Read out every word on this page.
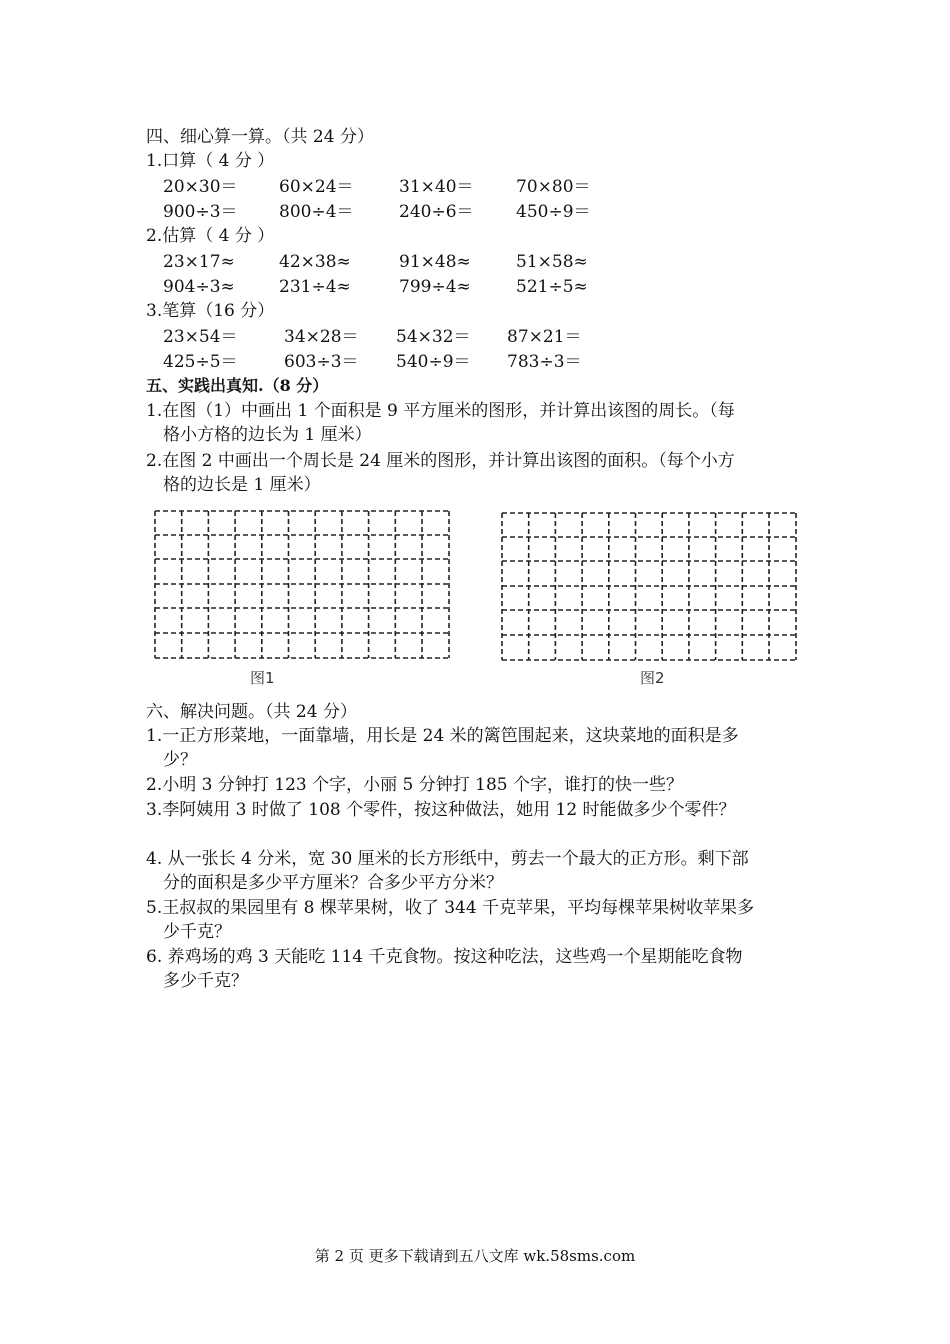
四、细心算一算。（共 24 分）
1.口算（ 4 分 ）
20×30＝ 60×24＝	31×40＝ 70×80＝
900÷3＝ 800÷4＝	240÷6＝ 450÷9＝
2.估算（ 4 分 ）
23×17≈	42×38≈	91×48≈	51×58≈
904÷3≈	231÷4≈	799÷4≈	521÷5≈
3.笔算（16 分）
23×54＝	34×28＝ 54×32＝ 87×21＝
425÷5＝	603÷3＝ 540÷9＝ 783÷3＝
五、实践出真知.（8 分）
1.在图（1）中画出 1 个面积是 9 平方厘米的图形，并计算出该图的周长。（每
格小方格的边长为 1 厘米）
2.在图 2 中画出一个周长是 24 厘米的图形，并计算出该图的面积。（每个小方
格的边长是 1 厘米）
图1	图2
六、解决问题。（共 24 分）
1.一正方形菜地，一面靠墙，用长是 24 米的篱笆围起来，这块菜地的面积是多
少？
2.小明 3 分钟打 123 个字，小丽 5 分钟打 185 个字，谁打的快一些？
3.李阿姨用 3 时做了 108 个零件，按这种做法，她用 12 时能做多少个零件？
4. 从一张长 4 分米，宽 30 厘米的长方形纸中，剪去一个最大的正方形。剩下部
分的面积是多少平方厘米？合多少平方分米？
5.王叔叔的果园里有 8 棵苹果树，收了 344 千克苹果，平均每棵苹果树收苹果多
少千克？
6. 养鸡场的鸡 3 天能吃 114 千克食物。按这种吃法，这些鸡一个星期能吃食物
多少千克？
第 2 页 更多下载请到五八文库 wk.58sms.com
